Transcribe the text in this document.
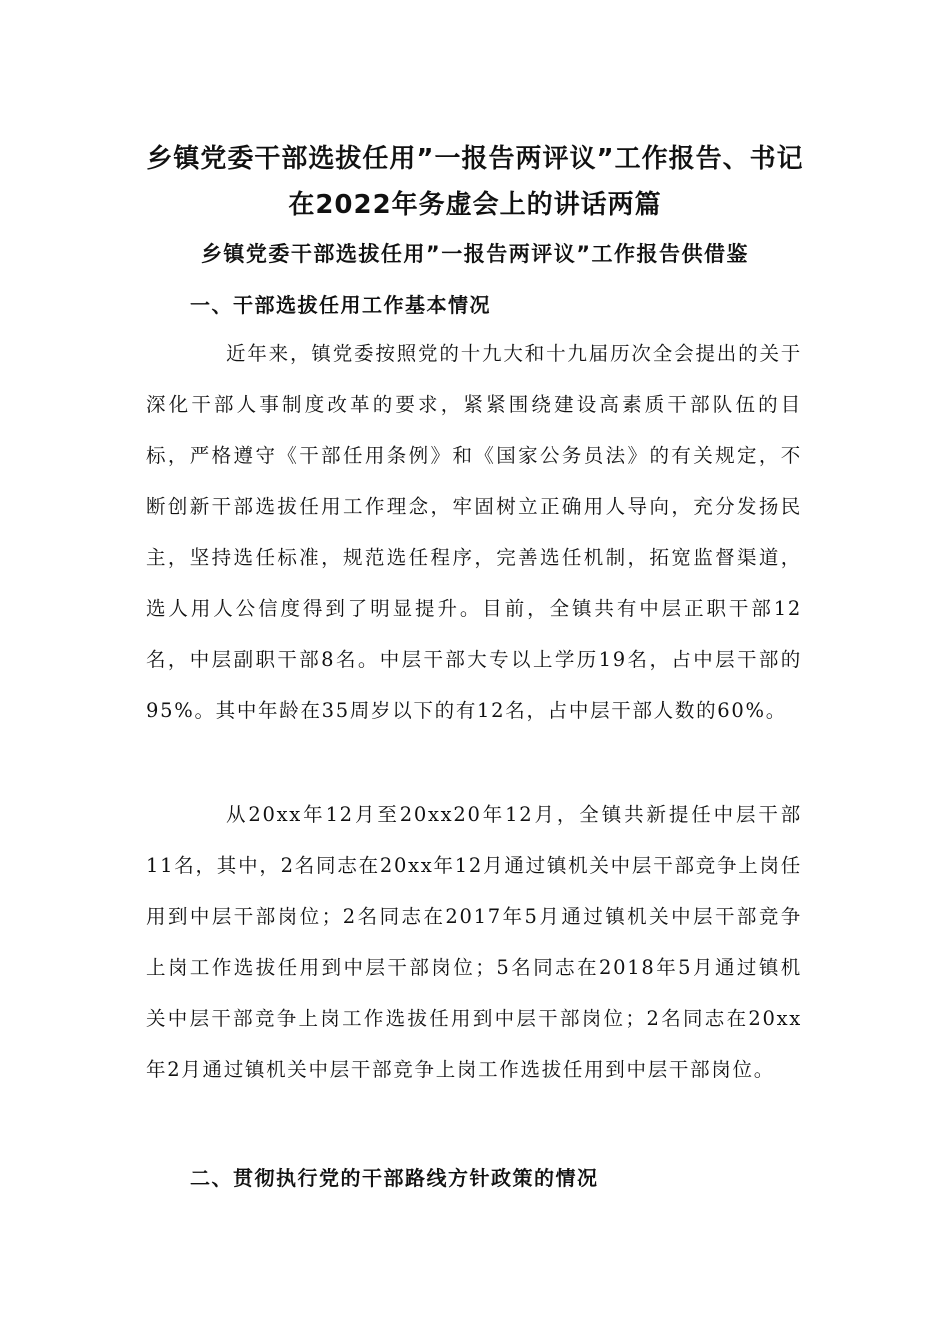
乡镇党委干部选拔任用”一报告两评议”工作报告、书记
在2022年务虚会上的讲话两篇
乡镇党委干部选拔任用”一报告两评议”工作报告供借鉴
一、干部选拔任用工作基本情况
近年来，镇党委按照党的十九大和十九届历次全会提出的关于深化干部人事制度改革的要求，紧紧围绕建设高素质干部队伍的目标，严格遵守《干部任用条例》和《国家公务员法》的有关规定，不断创新干部选拔任用工作理念，牢固树立正确用人导向，充分发扬民主，坚持选任标准，规范选任程序，完善选任机制，拓宽监督渠道，选人用人公信度得到了明显提升。目前，全镇共有中层正职干部12名，中层副职干部8名。中层干部大专以上学历19名，占中层干部的95%。其中年龄在35周岁以下的有12名，占中层干部人数的60%。
从20xx年12月至20xx20年12月，全镇共新提任中层干部11名，其中，2名同志在20xx年12月通过镇机关中层干部竞争上岗任用到中层干部岗位；2名同志在2017年5月通过镇机关中层干部竞争上岗工作选拔任用到中层干部岗位；5名同志在2018年5月通过镇机关中层干部竞争上岗工作选拔任用到中层干部岗位；2名同志在20xx年2月通过镇机关中层干部竞争上岗工作选拔任用到中层干部岗位。
二、贯彻执行党的干部路线方针政策的情况
